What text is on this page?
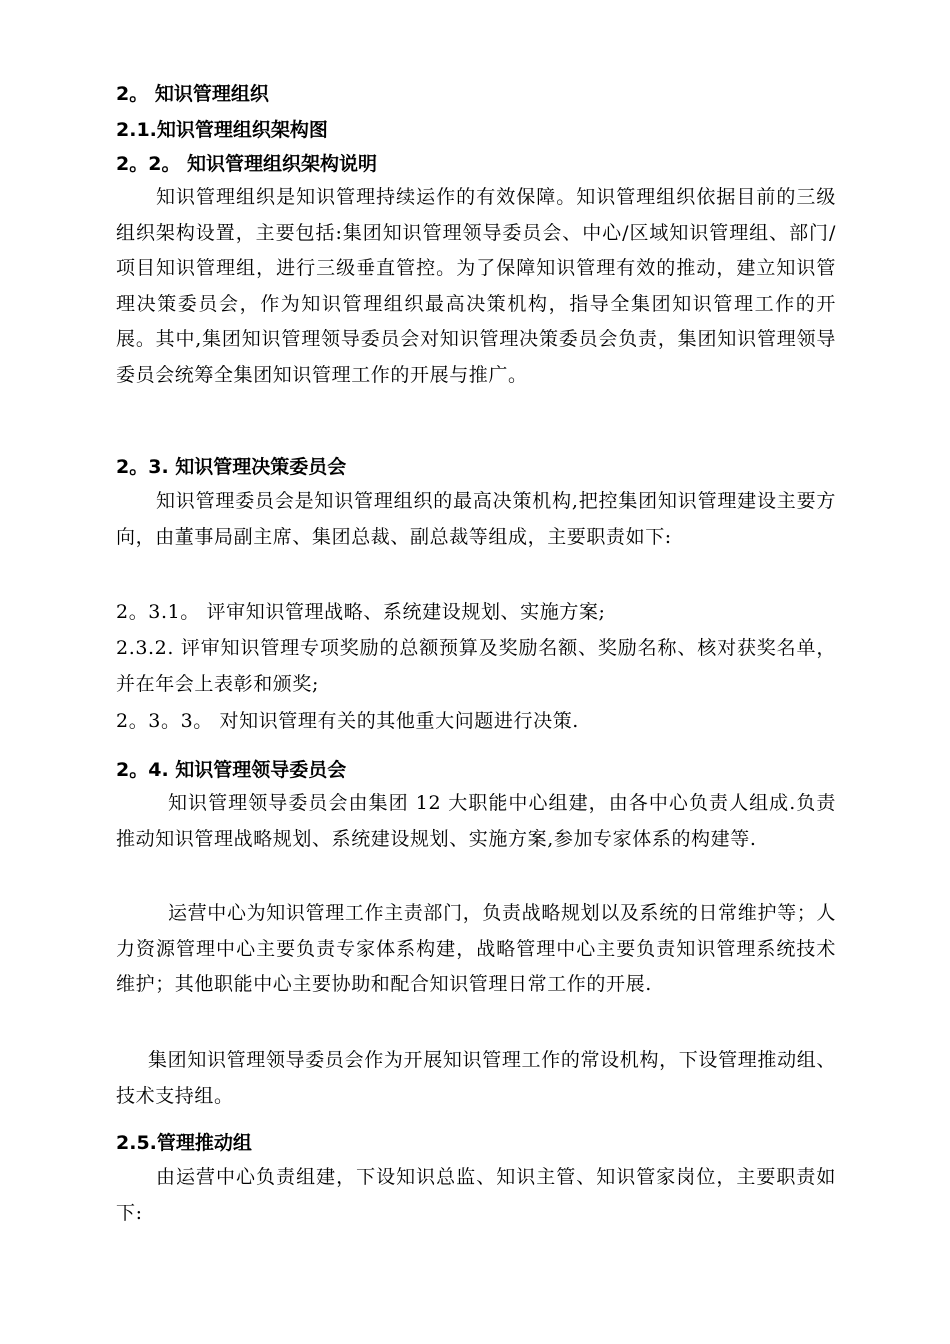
2。 知识管理组织
2.1.知识管理组织架构图
2。2。 知识管理组织架构说明
知识管理组织是知识管理持续运作的有效保障。知识管理组织依据目前的三级组织架构设置，主要包括:集团知识管理领导委员会、中心/区域知识管理组、部门/项目知识管理组，进行三级垂直管控。为了保障知识管理有效的推动，建立知识管理决策委员会，作为知识管理组织最高决策机构，指导全集团知识管理工作的开展。其中,集团知识管理领导委员会对知识管理决策委员会负责，集团知识管理领导委员会统筹全集团知识管理工作的开展与推广。
2。3. 知识管理决策委员会
知识管理委员会是知识管理组织的最高决策机构,把控集团知识管理建设主要方向，由董事局副主席、集团总裁、副总裁等组成，主要职责如下:
2。3.1。 评审知识管理战略、系统建设规划、实施方案;
2.3.2. 评审知识管理专项奖励的总额预算及奖励名额、奖励名称、核对获奖名单，并在年会上表彰和颁奖;
2。3。3。 对知识管理有关的其他重大问题进行决策.
2。4. 知识管理领导委员会
知识管理领导委员会由集团 12 大职能中心组建，由各中心负责人组成.负责推动知识管理战略规划、系统建设规划、实施方案,参加专家体系的构建等.
运营中心为知识管理工作主责部门，负责战略规划以及系统的日常维护等；人力资源管理中心主要负责专家体系构建，战略管理中心主要负责知识管理系统技术维护；其他职能中心主要协助和配合知识管理日常工作的开展.
集团知识管理领导委员会作为开展知识管理工作的常设机构，下设管理推动组、技术支持组。
2.5.管理推动组
由运营中心负责组建，下设知识总监、知识主管、知识管家岗位，主要职责如下:
